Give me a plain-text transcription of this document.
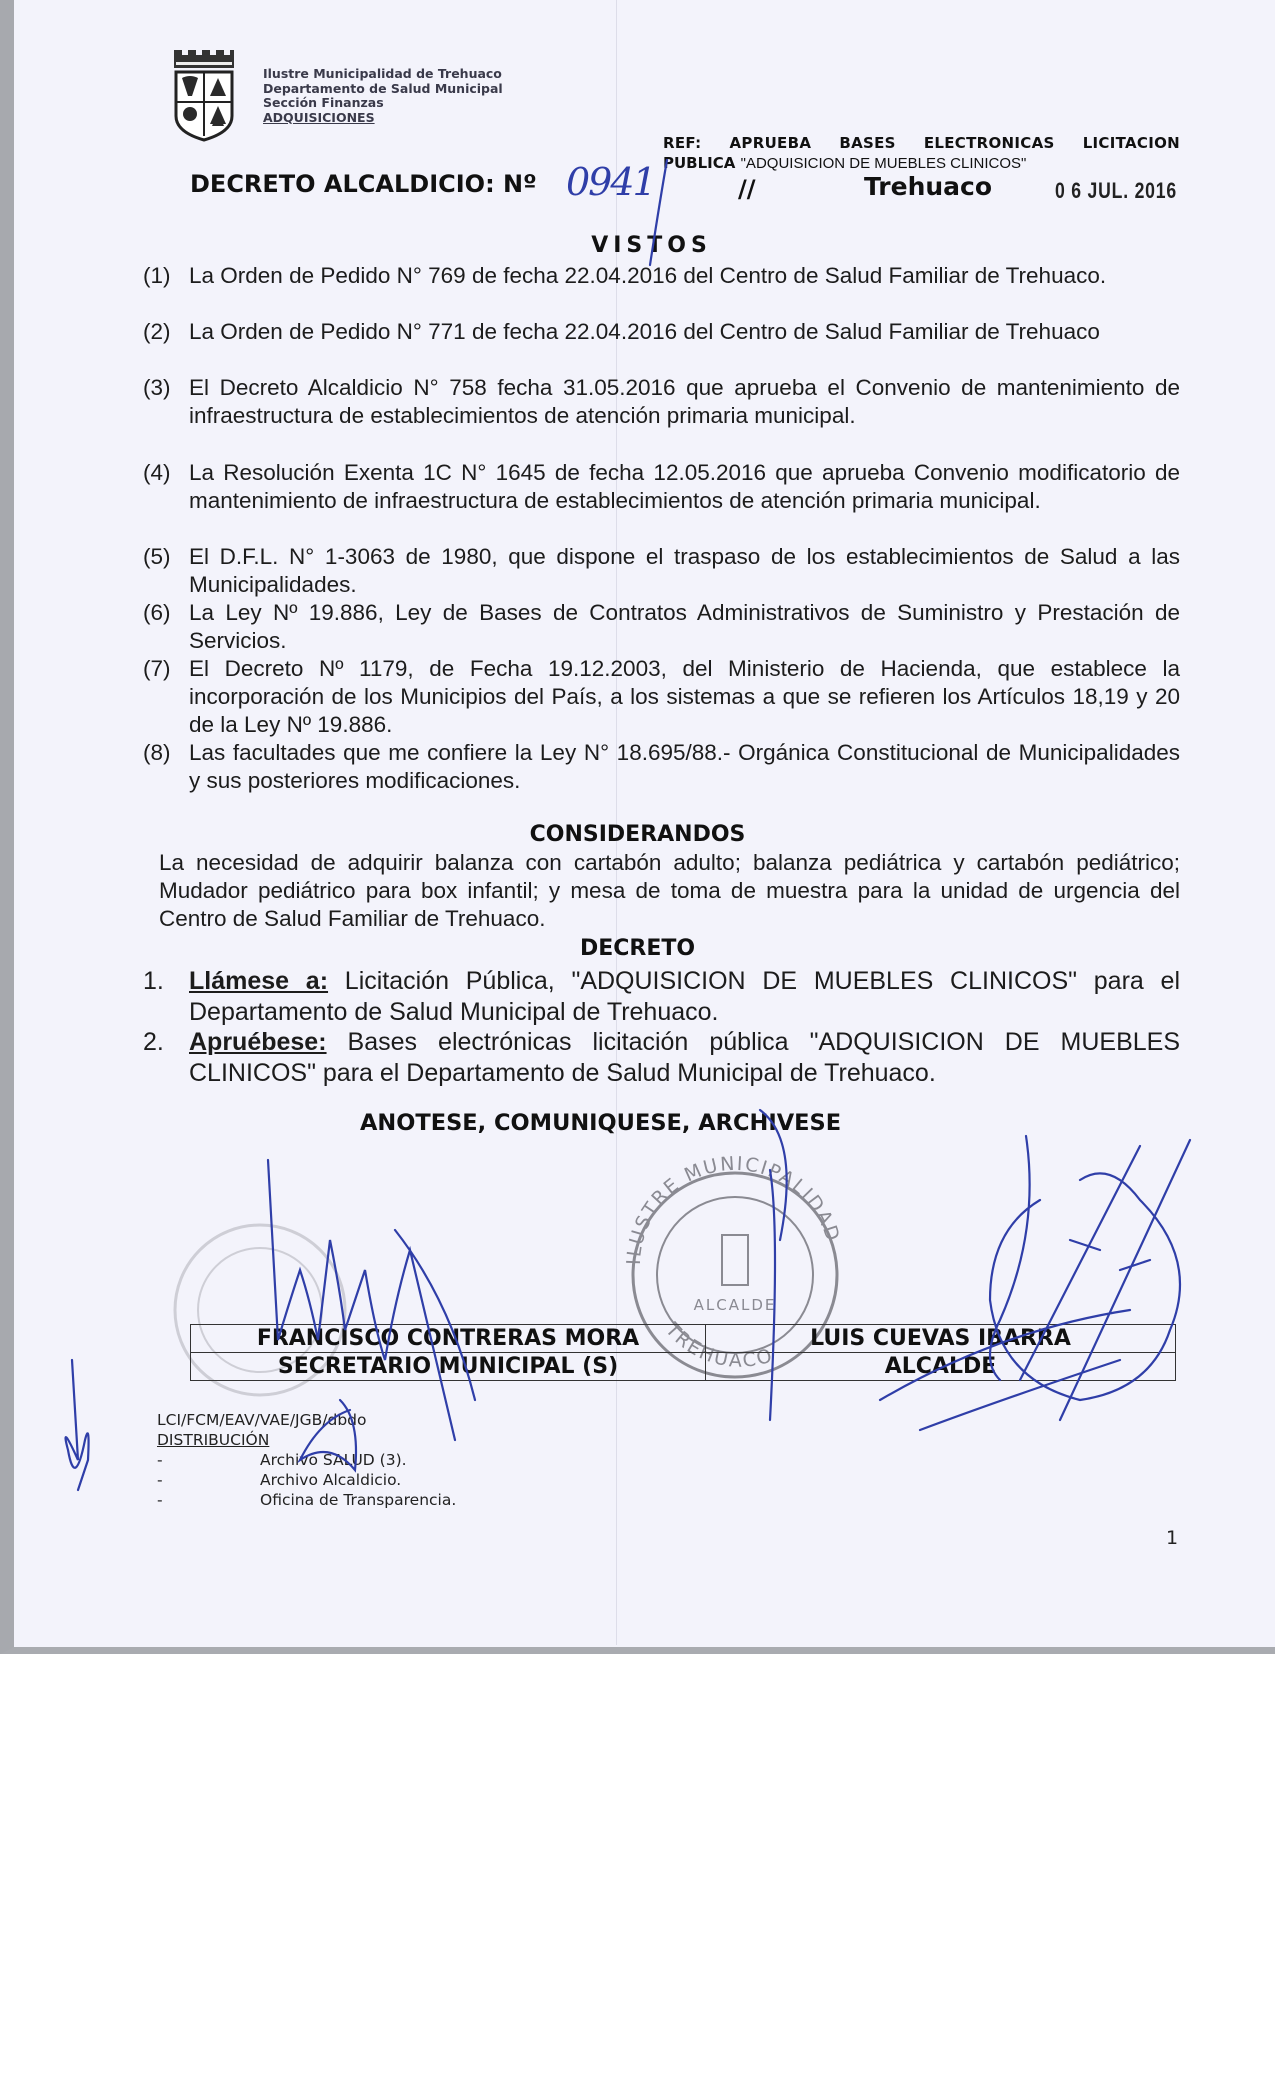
Ilustre Municipalidad de Trehuaco
Departamento de Salud Municipal
Sección Finanzas
ADQUISICIONES
REF: APRUEBA BASES ELECTRONICAS LICITACION
PUBLICA "ADQUISICION DE MUEBLES CLINICOS"
DECRETO ALCALDICIO: Nº 0941	//	Trehuaco	0 6 JUL. 2016
VISTOS
(1) La Orden de Pedido N° 769 de fecha 22.04.2016 del Centro de Salud Familiar de Trehuaco.
(2) La Orden de Pedido N° 771 de fecha 22.04.2016 del Centro de Salud Familiar de Trehuaco
(3) El Decreto Alcaldicio N° 758 fecha 31.05.2016 que aprueba el Convenio de mantenimiento de infraestructura de establecimientos de atención primaria municipal.
(4) La Resolución Exenta 1C N° 1645 de fecha 12.05.2016 que aprueba Convenio modificatorio de mantenimiento de infraestructura de establecimientos de atención primaria municipal.
(5) El D.F.L. N° 1-3063 de 1980, que dispone el traspaso de los establecimientos de Salud a las Municipalidades.
(6) La Ley Nº 19.886, Ley de Bases de Contratos Administrativos de Suministro y Prestación de Servicios.
(7) El Decreto Nº 1179, de Fecha 19.12.2003, del Ministerio de Hacienda, que establece la incorporación de los Municipios del País, a los sistemas a que se refieren los Artículos 18,19 y 20 de la Ley Nº 19.886.
(8) Las facultades que me confiere la Ley N° 18.695/88.- Orgánica Constitucional de Municipalidades y sus posteriores modificaciones.
CONSIDERANDOS
La necesidad de adquirir balanza con cartabón adulto; balanza pediátrica y cartabón pediátrico; Mudador pediátrico para box infantil; y mesa de toma de muestra para la unidad de urgencia del Centro de Salud Familiar de Trehuaco.
DECRETO
1.	Llámese a: Licitación Pública, "ADQUISICION DE MUEBLES CLINICOS" para el Departamento de Salud Municipal de Trehuaco.
2.	Apruébese: Bases electrónicas licitación pública "ADQUISICION DE MUEBLES CLINICOS" para el Departamento de Salud Municipal de Trehuaco.
ANOTESE, COMUNIQUESE, ARCHIVESE
ILUSTRE MUNICIPALIDAD
TREHUACO
ALCALDE
FRANCISCO CONTRERAS MORA	LUIS CUEVAS IBARRA
SECRETARIO MUNICIPAL (S)	ALCALDE
LCI/FCM/EAV/VAE/JGB/dbdo
DISTRIBUCIÓN
-	Archivo SALUD (3).
-	Archivo Alcaldicio.
-	Oficina de Transparencia.
1
